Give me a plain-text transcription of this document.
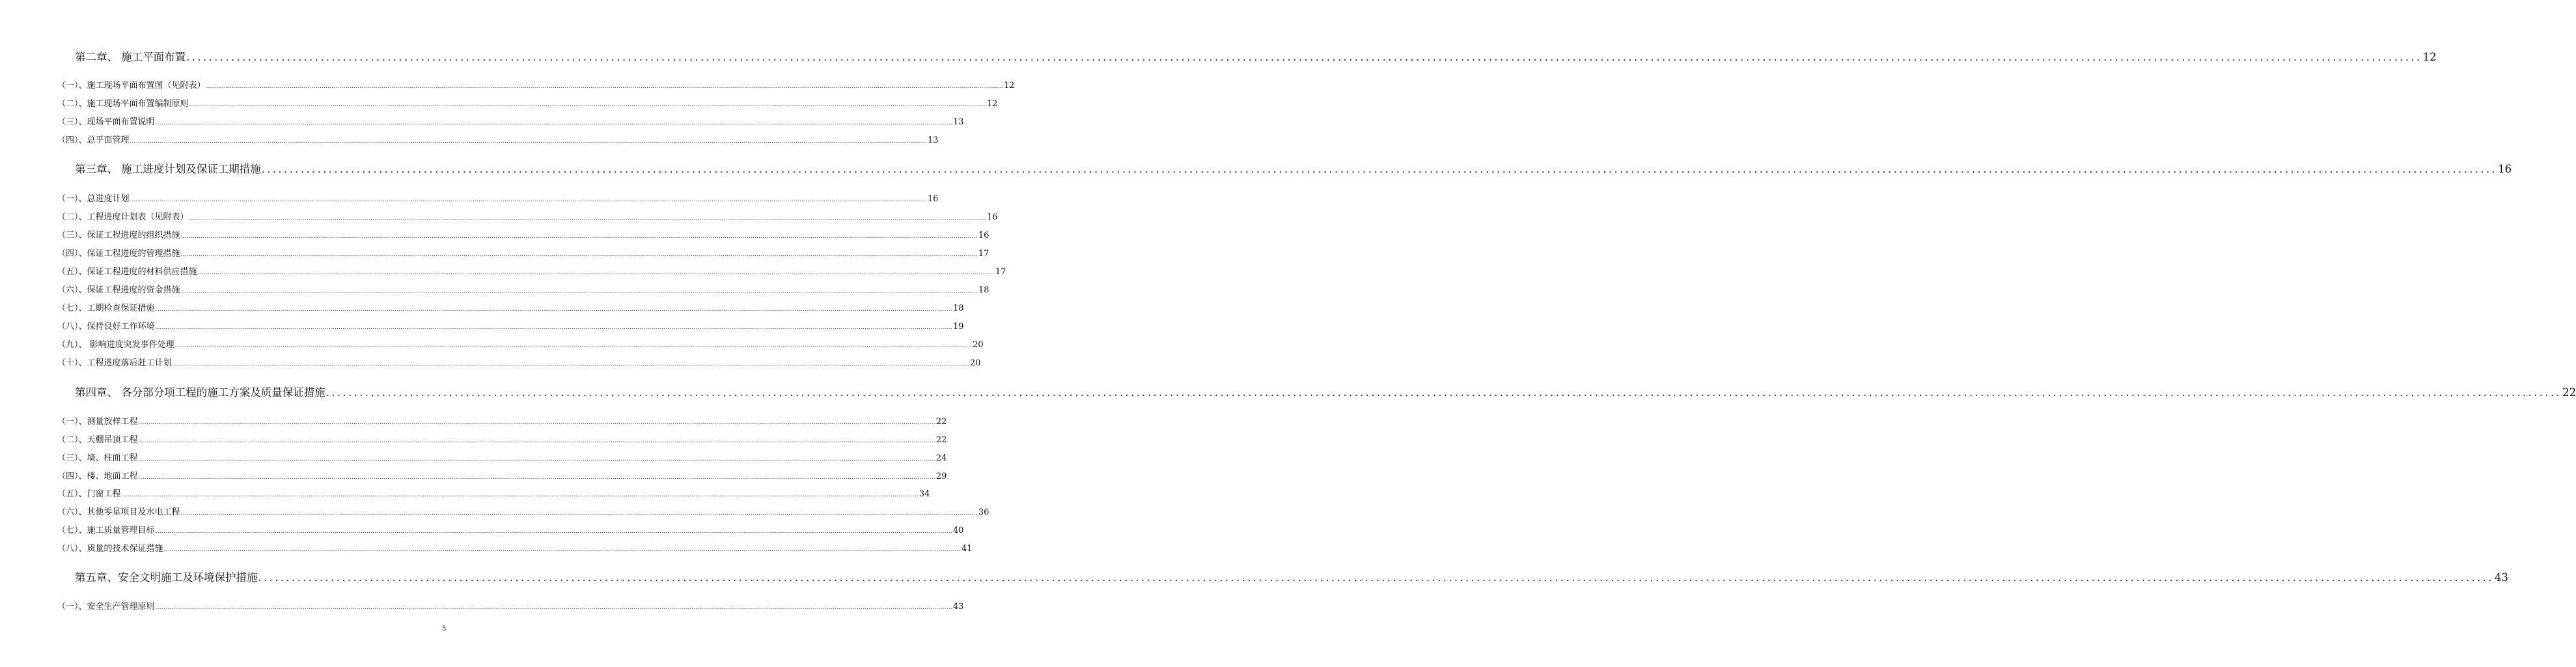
第二章、 施工平面布置 ................................................................................................................................................................................................................................................................................................................................................................................................................ 12
（一）、施工现场平面布置图（见附表） ................................................................................................................................................................................................................................................................................................................................................................................................................ 12
（二）、施工现场平面布置编制原则 ................................................................................................................................................................................................................................................................................................................................................................................................................ 12
（三）、现场平面布置说明 ................................................................................................................................................................................................................................................................................................................................................................................................................ 13
（四）、总平面管理 ................................................................................................................................................................................................................................................................................................................................................................................................................ 13
第三章、 施工进度计划及保证工期措施 ................................................................................................................................................................................................................................................................................................................................................................................................................ 16
（一）、总进度计划 ................................................................................................................................................................................................................................................................................................................................................................................................................ 16
（二）、工程进度计划表（见附表） ................................................................................................................................................................................................................................................................................................................................................................................................................ 16
（三）、保证工程进度的组织措施 ................................................................................................................................................................................................................................................................................................................................................................................................................ 16
（四）、保证工程进度的管理措施 ................................................................................................................................................................................................................................................................................................................................................................................................................ 17
（五）、保证工程进度的材料供应措施 ................................................................................................................................................................................................................................................................................................................................................................................................................ 17
（六）、保证工程进度的资金措施 ................................................................................................................................................................................................................................................................................................................................................................................................................ 18
（七）、工期检查保证措施 ................................................................................................................................................................................................................................................................................................................................................................................................................ 18
（八）、保持良好工作环境 ................................................................................................................................................................................................................................................................................................................................................................................................................ 19
（九）、 影响进度突发事件处理 ................................................................................................................................................................................................................................................................................................................................................................................................................ 20
（十）、工程进度落后赶工计划 ................................................................................................................................................................................................................................................................................................................................................................................................................ 20
第四章、 各分部分项工程的施工方案及质量保证措施 ................................................................................................................................................................................................................................................................................................................................................................................................................ 22
（一）、测量放样工程 ................................................................................................................................................................................................................................................................................................................................................................................................................ 22
（二）、天棚吊顶工程 ................................................................................................................................................................................................................................................................................................................................................................................................................ 22
（三）、墙、柱面工程 ................................................................................................................................................................................................................................................................................................................................................................................................................ 24
（四）、楼、地面工程 ................................................................................................................................................................................................................................................................................................................................................................................................................ 29
（五）、门窗工程 ................................................................................................................................................................................................................................................................................................................................................................................................................ 34
（六）、其他零星项目及水电工程 ................................................................................................................................................................................................................................................................................................................................................................................................................ 36
（七）、施工质量管理目标 ................................................................................................................................................................................................................................................................................................................................................................................................................ 40
（八）、质量的技术保证措施 ................................................................................................................................................................................................................................................................................................................................................................................................................ 41
第五章、安全文明施工及环境保护措施 ................................................................................................................................................................................................................................................................................................................................................................................................................ 43
（一）、安全生产管理原则 ................................................................................................................................................................................................................................................................................................................................................................................................................ 43
5
